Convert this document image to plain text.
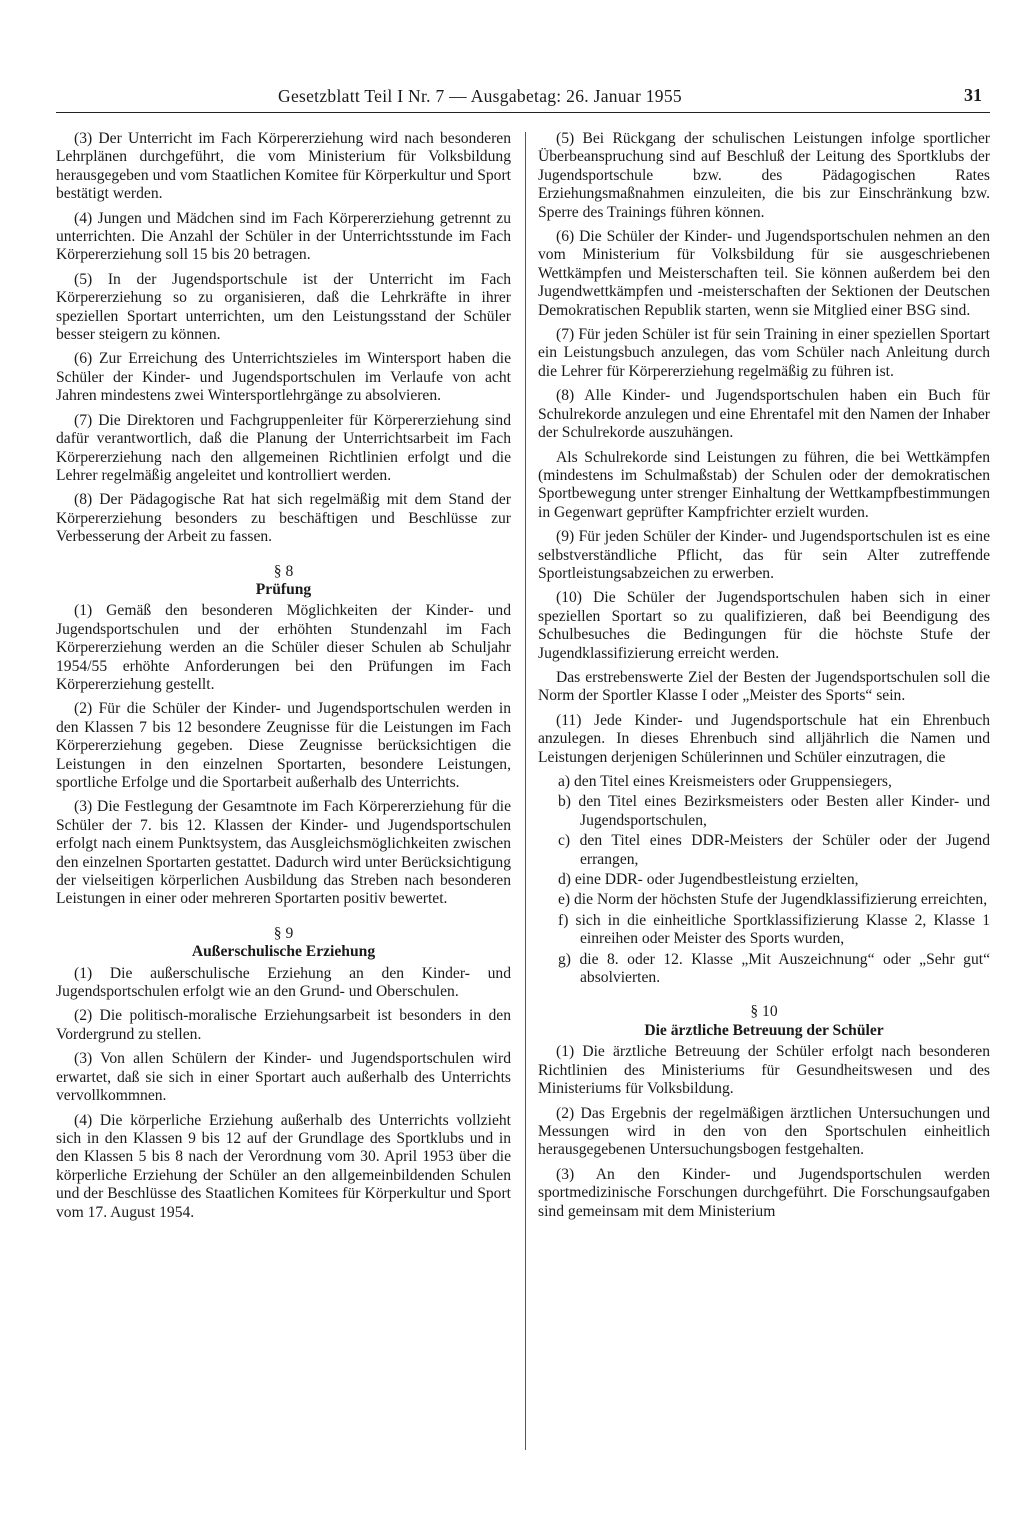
Gesetzblatt Teil I Nr. 7 — Ausgabetag: 26. Januar 1955	31

(3) Der Unterricht im Fach Körpererziehung wird nach besonderen Lehrplänen durchgeführt, die vom Ministerium für Volksbildung herausgegeben und vom Staatlichen Komitee für Körperkultur und Sport bestätigt werden.

(4) Jungen und Mädchen sind im Fach Körpererziehung getrennt zu unterrichten. Die Anzahl der Schüler in der Unterrichtsstunde im Fach Körpererziehung soll 15 bis 20 betragen.

(5) In der Jugendsportschule ist der Unterricht im Fach Körpererziehung so zu organisieren, daß die Lehrkräfte in ihrer speziellen Sportart unterrichten, um den Leistungsstand der Schüler besser steigern zu können.

(6) Zur Erreichung des Unterrichtszieles im Wintersport haben die Schüler der Kinder- und Jugendsportschulen im Verlaufe von acht Jahren mindestens zwei Wintersportlehrgänge zu absolvieren.

(7) Die Direktoren und Fachgruppenleiter für Körpererziehung sind dafür verantwortlich, daß die Planung der Unterrichtsarbeit im Fach Körpererziehung nach den allgemeinen Richtlinien erfolgt und die Lehrer regelmäßig angeleitet und kontrolliert werden.

(8) Der Pädagogische Rat hat sich regelmäßig mit dem Stand der Körpererziehung besonders zu beschäftigen und Beschlüsse zur Verbesserung der Arbeit zu fassen.

§ 8
Prüfung

(1) Gemäß den besonderen Möglichkeiten der Kinder- und Jugendsportschulen und der erhöhten Stundenzahl im Fach Körpererziehung werden an die Schüler dieser Schulen ab Schuljahr 1954/55 erhöhte Anforderungen bei den Prüfungen im Fach Körpererziehung gestellt.

(2) Für die Schüler der Kinder- und Jugendsportschulen werden in den Klassen 7 bis 12 besondere Zeugnisse für die Leistungen im Fach Körpererziehung gegeben. Diese Zeugnisse berücksichtigen die Leistungen in den einzelnen Sportarten, besondere Leistungen, sportliche Erfolge und die Sportarbeit außerhalb des Unterrichts.

(3) Die Festlegung der Gesamtnote im Fach Körpererziehung für die Schüler der 7. bis 12. Klassen der Kinder- und Jugendsportschulen erfolgt nach einem Punktsystem, das Ausgleichsmöglichkeiten zwischen den einzelnen Sportarten gestattet. Dadurch wird unter Berücksichtigung der vielseitigen körperlichen Ausbildung das Streben nach besonderen Leistungen in einer oder mehreren Sportarten positiv bewertet.

§ 9
Außerschulische Erziehung

(1) Die außerschulische Erziehung an den Kinder- und Jugendsportschulen erfolgt wie an den Grund- und Oberschulen.

(2) Die politisch-moralische Erziehungsarbeit ist besonders in den Vordergrund zu stellen.

(3) Von allen Schülern der Kinder- und Jugendsportschulen wird erwartet, daß sie sich in einer Sportart auch außerhalb des Unterrichts vervollkommnen.

(4) Die körperliche Erziehung außerhalb des Unterrichts vollzieht sich in den Klassen 9 bis 12 auf der Grundlage des Sportklubs und in den Klassen 5 bis 8 nach der Verordnung vom 30. April 1953 über die körperliche Erziehung der Schüler an den allgemeinbildenden Schulen und der Beschlüsse des Staatlichen Komitees für Körperkultur und Sport vom 17. August 1954.

(5) Bei Rückgang der schulischen Leistungen infolge sportlicher Überbeanspruchung sind auf Beschluß der Leitung des Sportklubs der Jugendsportschule bzw. des Pädagogischen Rates Erziehungsmaßnahmen einzuleiten, die bis zur Einschränkung bzw. Sperre des Trainings führen können.

(6) Die Schüler der Kinder- und Jugendsportschulen nehmen an den vom Ministerium für Volksbildung für sie ausgeschriebenen Wettkämpfen und Meisterschaften teil. Sie können außerdem bei den Jugendwettkämpfen und -meisterschaften der Sektionen der Deutschen Demokratischen Republik starten, wenn sie Mitglied einer BSG sind.

(7) Für jeden Schüler ist für sein Training in einer speziellen Sportart ein Leistungsbuch anzulegen, das vom Schüler nach Anleitung durch die Lehrer für Körpererziehung regelmäßig zu führen ist.

(8) Alle Kinder- und Jugendsportschulen haben ein Buch für Schulrekorde anzulegen und eine Ehrentafel mit den Namen der Inhaber der Schulrekorde auszuhängen.

Als Schulrekorde sind Leistungen zu führen, die bei Wettkämpfen (mindestens im Schulmaßstab) der Schulen oder der demokratischen Sportbewegung unter strenger Einhaltung der Wettkampfbestimmungen in Gegenwart geprüfter Kampfrichter erzielt wurden.

(9) Für jeden Schüler der Kinder- und Jugendsportschulen ist es eine selbstverständliche Pflicht, das für sein Alter zutreffende Sportleistungsabzeichen zu erwerben.

(10) Die Schüler der Jugendsportschulen haben sich in einer speziellen Sportart so zu qualifizieren, daß bei Beendigung des Schulbesuches die Bedingungen für die höchste Stufe der Jugendklassifizierung erreicht werden.

Das erstrebenswerte Ziel der Besten der Jugendsportschulen soll die Norm der Sportler Klasse I oder „Meister des Sports“ sein.

(11) Jede Kinder- und Jugendsportschule hat ein Ehrenbuch anzulegen. In dieses Ehrenbuch sind alljährlich die Namen und Leistungen derjenigen Schülerinnen und Schüler einzutragen, die

a) den Titel eines Kreismeisters oder Gruppensiegers,
b) den Titel eines Bezirksmeisters oder Besten aller Kinder- und Jugendsportschulen,
c) den Titel eines DDR-Meisters der Schüler oder der Jugend errangen,
d) eine DDR- oder Jugendbestleistung erzielten,
e) die Norm der höchsten Stufe der Jugendklassifizierung erreichten,
f) sich in die einheitliche Sportklassifizierung Klasse 2, Klasse 1 einreihen oder Meister des Sports wurden,
g) die 8. oder 12. Klasse „Mit Auszeichnung“ oder „Sehr gut“ absolvierten.
§ 10
Die ärztliche Betreuung der Schüler

(1) Die ärztliche Betreuung der Schüler erfolgt nach besonderen Richtlinien des Ministeriums für Gesundheitswesen und des Ministeriums für Volksbildung.

(2) Das Ergebnis der regelmäßigen ärztlichen Untersuchungen und Messungen wird in den von den Sportschulen einheitlich herausgegebenen Untersuchungsbogen festgehalten.

(3) An den Kinder- und Jugendsportschulen werden sportmedizinische Forschungen durchgeführt. Die Forschungsaufgaben sind gemeinsam mit dem Ministerium
